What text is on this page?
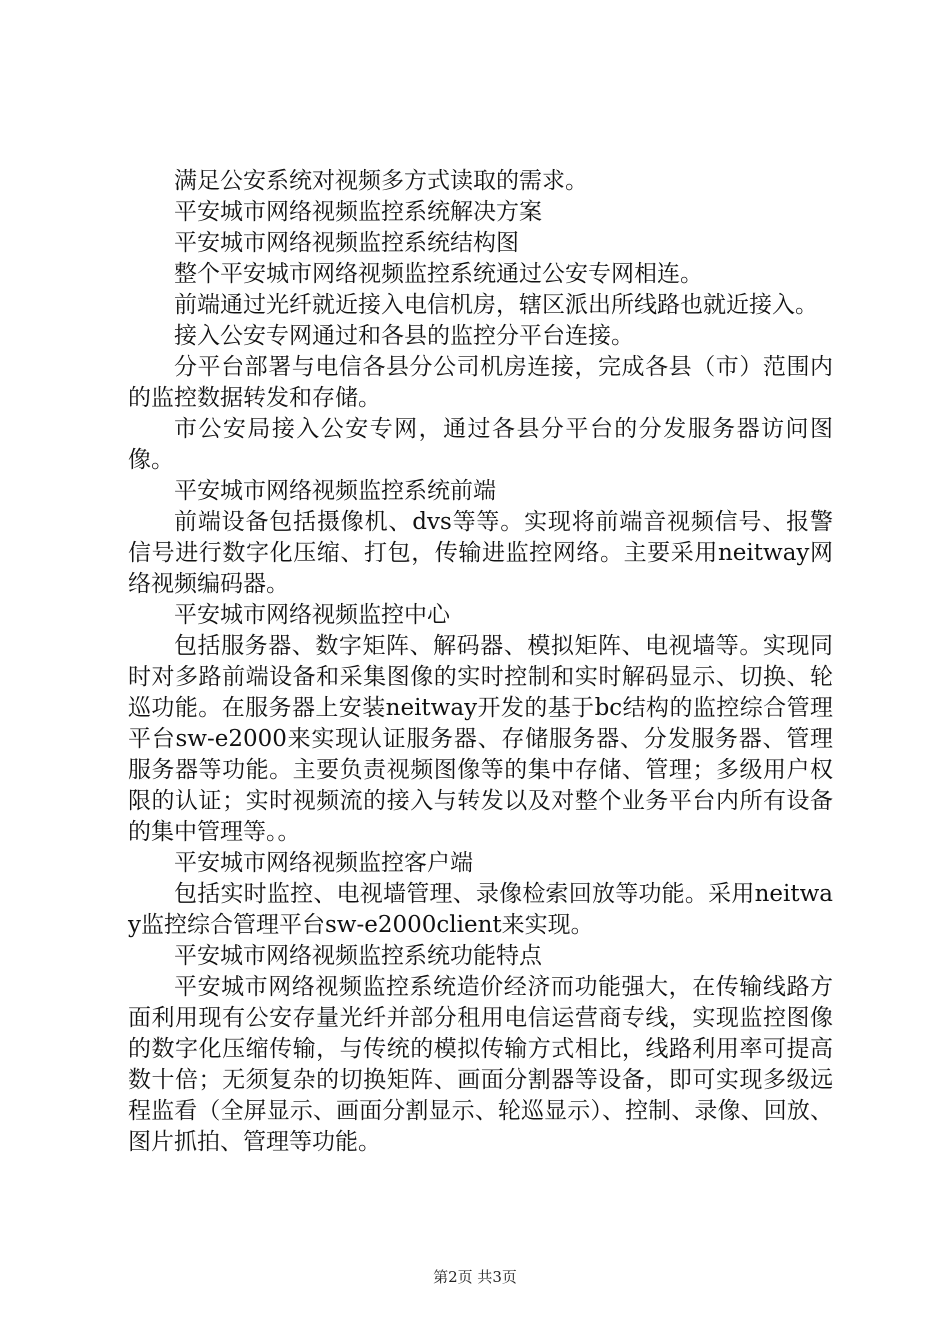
满足公安系统对视频多方式读取的需求。

平安城市网络视频监控系统解决方案

平安城市网络视频监控系统结构图

整个平安城市网络视频监控系统通过公安专网相连。

前端通过光纤就近接入电信机房，辖区派出所线路也就近接入。

接入公安专网通过和各县的监控分平台连接。

分平台部署与电信各县分公司机房连接，完成各县（市）范围内的监控数据转发和存储。

市公安局接入公安专网，通过各县分平台的分发服务器访问图像。

平安城市网络视频监控系统前端

前端设备包括摄像机、dvs等等。实现将前端音视频信号、报警信号进行数字化压缩、打包，传输进监控网络。主要采用neitway网络视频编码器。

平安城市网络视频监控中心

包括服务器、数字矩阵、解码器、模拟矩阵、电视墙等。实现同时对多路前端设备和采集图像的实时控制和实时解码显示、切换、轮巡功能。在服务器上安装neitway开发的基于bc结构的监控综合管理平台sw-e2000来实现认证服务器、存储服务器、分发服务器、管理服务器等功能。主要负责视频图像等的集中存储、管理；多级用户权限的认证；实时视频流的接入与转发以及对整个业务平台内所有设备的集中管理等。。

平安城市网络视频监控客户端

包括实时监控、电视墙管理、录像检索回放等功能。采用neitway监控综合管理平台sw-e2000client来实现。

平安城市网络视频监控系统功能特点

平安城市网络视频监控系统造价经济而功能强大，在传输线路方面利用现有公安存量光纤并部分租用电信运营商专线，实现监控图像的数字化压缩传输，与传统的模拟传输方式相比，线路利用率可提高数十倍；无须复杂的切换矩阵、画面分割器等设备，即可实现多级远程监看（全屏显示、画面分割显示、轮巡显示）、控制、录像、回放、图片抓拍、管理等功能。

第2页 共3页
